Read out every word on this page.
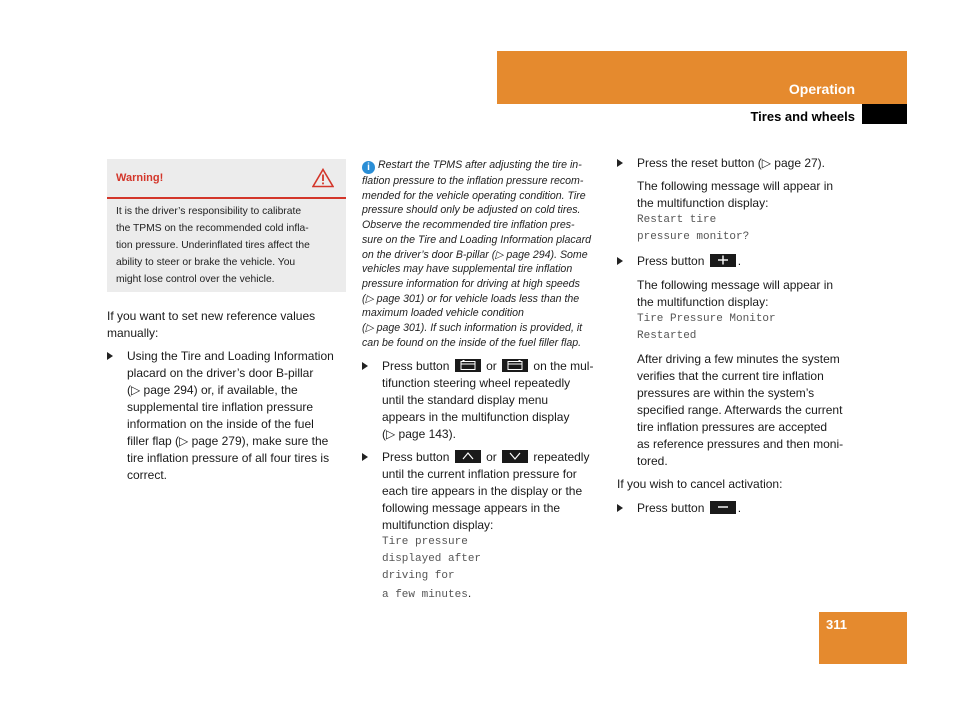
Operation
Tires and wheels
Warning!
It is the driver’s responsibility to calibrate
the TPMS on the recommended cold infla-
tion pressure. Underinflated tires affect the
ability to steer or brake the vehicle. You
might lose control over the vehicle.
If you want to set new reference values
manually:
Using the Tire and Loading Information
placard on the driver’s door B-pillar
(▷ page 294) or, if available, the
supplemental tire inflation pressure
information on the inside of the fuel
filler flap (▷ page 279), make sure the
tire inflation pressure of all four tires is
correct.
i Restart the TPMS after adjusting the tire in-
flation pressure to the inflation pressure recom-
mended for the vehicle operating condition. Tire
pressure should only be adjusted on cold tires.
Observe the recommended tire inflation pres-
sure on the Tire and Loading Information placard
on the driver’s door B-pillar (▷ page 294). Some
vehicles may have supplemental tire inflation
pressure information for driving at high speeds
(▷ page 301) or for vehicle loads less than the
maximum loaded vehicle condition
(▷ page 301). If such information is provided, it
can be found on the inside of the fuel filler flap.
Press button	or	on the mul-
tifunction steering wheel repeatedly
until the standard display menu
appears in the multifunction display
(▷ page 143).
Press button	or	repeatedly
until the current inflation pressure for
each tire appears in the display or the
following message appears in the
multifunction display:
Tire pressure
displayed after
driving for
a few minutes.
Press the reset button (▷ page 27).
The following message will appear in
the multifunction display:
Restart tire
pressure monitor?
Press button	.
The following message will appear in
the multifunction display:
Tire Pressure Monitor
Restarted
After driving a few minutes the system
verifies that the current tire inflation
pressures are within the system’s
specified range. Afterwards the current
tire inflation pressures are accepted
as reference pressures and then moni-
tored.
If you wish to cancel activation:
Press button	.
311
